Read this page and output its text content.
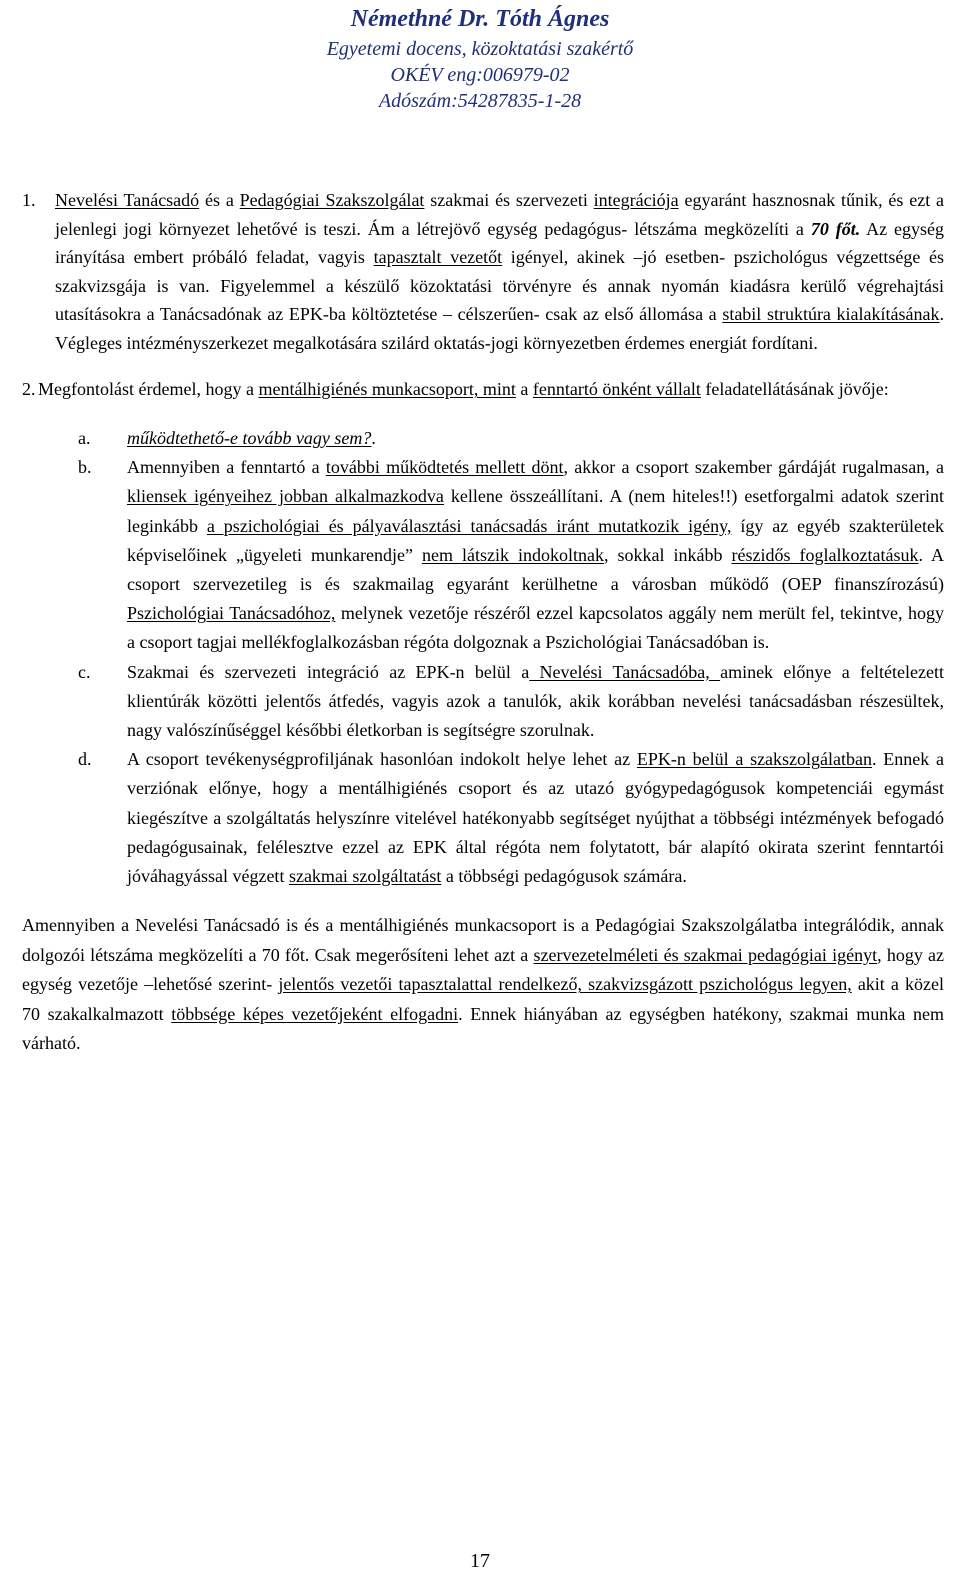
Némethné Dr. Tóth Ágnes
Egyetemi docens, közoktatási szakértő
OKÉV eng:006979-02
Adószám:54287835-1-28
1.	Nevelési Tanácsadó és a Pedagógiai Szakszolgálat szakmai és szervezeti integrációja egyaránt hasznosnak tűnik, és ezt a jelenlegi jogi környezet lehetővé is teszi. Ám a létrejövő egység pedagógus- létszáma megközelíti a 70 főt. Az egység irányítása embert próbáló feladat, vagyis tapasztalt vezetőt igényel, akinek –jó esetben- pszichológus végzettsége és szakvizsgája is van. Figyelemmel a készülő közoktatási törvényre és annak nyomán kiadásra kerülő végrehajtási utasításokra a Tanácsadónak az EPK-ba költöztetése – célszerűen- csak az első állomása a stabil struktúra kialakításának. Végleges intézményszerkezet megalkotására szilárd oktatás-jogi környezetben érdemes energiát fordítani.

2. Megfontolást érdemel, hogy a mentálhigiénés munkacsoport, mint a fenntartó önként vállalt feladatellátásának jövője:

a.	működtethető-e tovább vagy sem?.

b.	Amennyiben a fenntartó a további működtetés mellett dönt, akkor a csoport szakember gárdáját rugalmasan, a kliensek igényeihez jobban alkalmazkodva kellene összeállítani. A (nem hiteles!!) esetforgalmi adatok szerint leginkább a pszichológiai és pályaválasztási tanácsadás iránt mutatkozik igény, így az egyéb szakterületek képviselőinek „ügyeleti munkarendje” nem látszik indokoltnak, sokkal inkább részidős foglalkoztatásuk. A csoport szervezetileg is és szakmailag egyaránt kerülhetne a városban működő (OEP finanszírozású) Pszichológiai Tanácsadóhoz, melynek vezetője részéről ezzel kapcsolatos aggály nem merült fel, tekintve, hogy a csoport tagjai mellékfoglalkozásban régóta dolgoznak a Pszichológiai Tanácsadóban is.

c.	Szakmai és szervezeti integráció az EPK-n belül a Nevelési Tanácsadóba, aminek előnye a feltételezett klientúrák közötti jelentős átfedés, vagyis azok a tanulók, akik korábban nevelési tanácsadásban részesültek, nagy valószínűséggel későbbi életkorban is segítségre szorulnak.

d.	A csoport tevékenységprofiljának hasonlóan indokolt helye lehet az EPK-n belül a szakszolgálatban. Ennek a verziónak előnye, hogy a mentálhigiénés csoport és az utazó gyógypedagógusok kompetenciái egymást kiegészítve a szolgáltatás helyszínre vitelével hatékonyabb segítséget nyújthat a többségi intézmények befogadó pedagógusainak, felélesztve ezzel az EPK által régóta nem folytatott, bár alapító okirata szerint fenntartói jóváhagyással végzett szakmai szolgáltatást a többségi pedagógusok számára.

Amennyiben a Nevelési Tanácsadó is és a mentálhigiénés munkacsoport is a Pedagógiai Szakszolgálatba integrálódik, annak dolgozói létszáma megközelíti a 70 főt. Csak megerősíteni lehet azt a szervezetelméleti és szakmai pedagógiai igényt, hogy az egység vezetője –lehetősé szerint- jelentős vezetői tapasztalattal rendelkező, szakvizsgázott pszichológus legyen, akit a közel 70 szakalkalmazott többsége képes vezetőjeként elfogadni. Ennek hiányában az egységben hatékony, szakmai munka nem várható.

17
